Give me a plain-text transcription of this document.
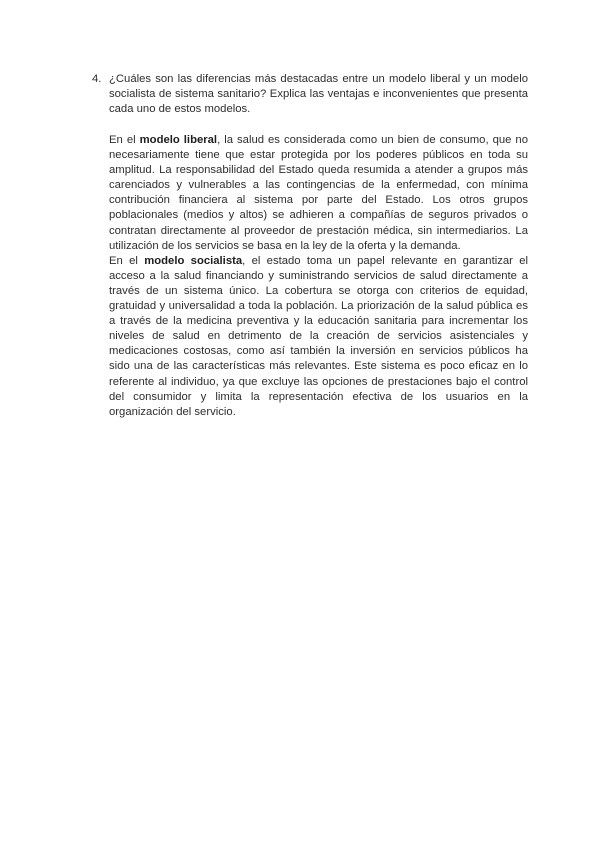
4. ¿Cuáles son las diferencias más destacadas entre un modelo liberal y un modelo socialista de sistema sanitario? Explica las ventajas e inconvenientes que presenta cada uno de estos modelos.

En el modelo liberal, la salud es considerada como un bien de consumo, que no necesariamente tiene que estar protegida por los poderes públicos en toda su amplitud. La responsabilidad del Estado queda resumida a atender a grupos más carenciados y vulnerables a las contingencias de la enfermedad, con mínima contribución financiera al sistema por parte del Estado. Los otros grupos poblacionales (medios y altos) se adhieren a compañías de seguros privados o contratan directamente al proveedor de prestación médica, sin intermediarios. La utilización de los servicios se basa en la ley de la oferta y la demanda.

En el modelo socialista, el estado toma un papel relevante en garantizar el acceso a la salud financiando y suministrando servicios de salud directamente a través de un sistema único. La cobertura se otorga con criterios de equidad, gratuidad y universalidad a toda la población. La priorización de la salud pública es a través de la medicina preventiva y la educación sanitaria para incrementar los niveles de salud en detrimento de la creación de servicios asistenciales y medicaciones costosas, como así también la inversión en servicios públicos ha sido una de las características más relevantes. Este sistema es poco eficaz en lo referente al individuo, ya que excluye las opciones de prestaciones bajo el control del consumidor y limita la representación efectiva de los usuarios en la organización del servicio.
